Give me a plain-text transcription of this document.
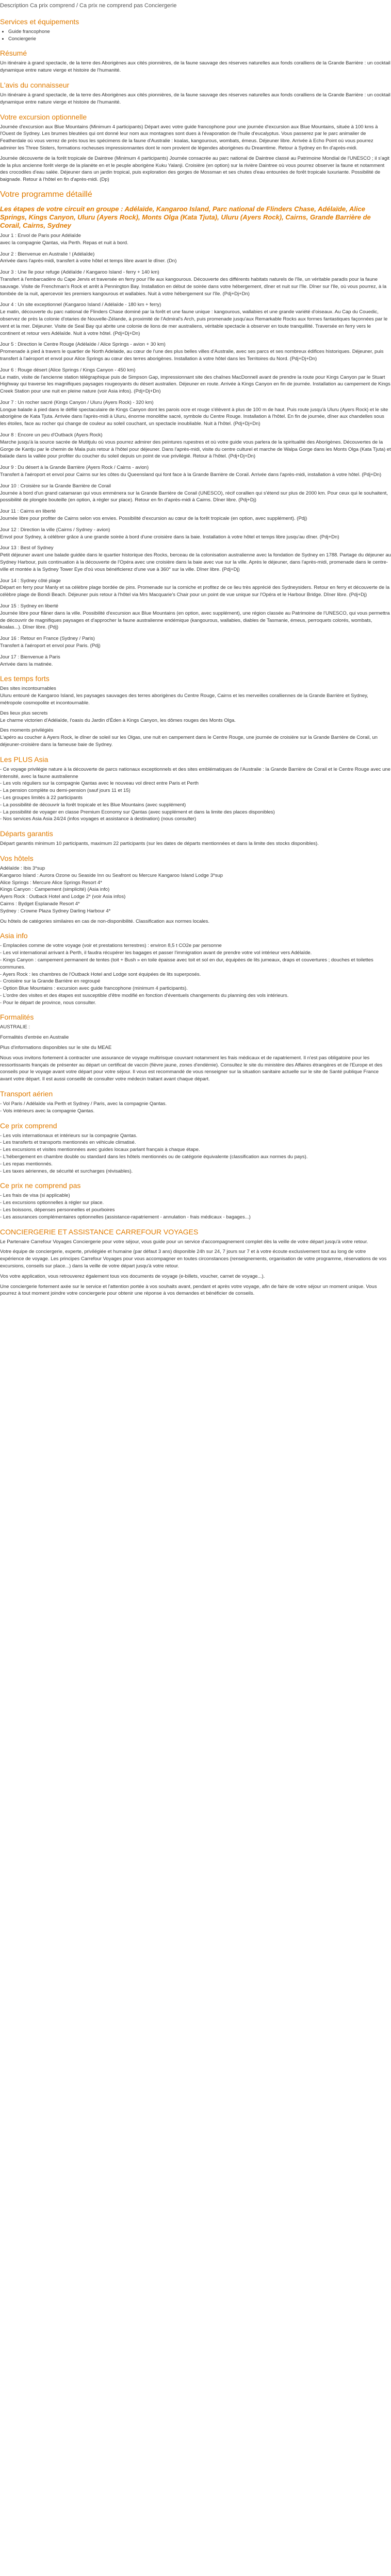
Description Ca prix comprend / Ca prix ne comprend pas Conciergerie
Services et équipements
• Guide francophone
• Conciergerie
Résumé

Un itinéraire à grand spectacle, de la terre des Aborigènes aux cités pionnières, de la faune sauvage des réserves naturelles aux fonds coralliens de la Grande Barrière : un cocktail dynamique entre nature vierge et histoire de l'humanité.

L'avis du connaisseur

Un itinéraire à grand spectacle, de la terre des Aborigènes aux cités pionnières, de la faune sauvage des réserves naturelles aux fonds coralliens de la Grande Barrière : un cocktail dynamique entre nature vierge et histoire de l'humanité.

Votre excursion optionnelle

Journée d'excursion aux Blue Mountains (Minimum 4 participants) Départ avec votre guide francophone pour une journée d'excursion aux Blue Mountains, située à 100 kms à l'Ouest de Sydney. Les brumes bleutées qui ont donné leur nom aux montagnes sont dues à l'évaporation de l'huile d'eucalyptus. Vous passerez par le parc animalier de Featherdale où vous verrez de près tous les spécimens de la faune d'Australie : koalas, kangourous, wombats, émeus. Déjeuner libre. Arrivée à Echo Point où vous pourrez admirer les Three Sisters, formations rocheuses impressionnantes dont le nom provient de légendes aborigènes du Dreamtime. Retour à Sydney en fin d'après-midi.

Journée découverte de la forêt tropicale de Daintree (Minimum 4 participants) Journée consacrée au parc national de Daintree classé au Patrimoine Mondial de l'UNESCO ; il s'agit de la plus ancienne forêt vierge de la planète en et le peuple aborigène Kuku Yalanji. Croisière (en option) sur la rivière Daintree où vous pourrez observer la faune et notamment des crocodiles d'eau salée. Déjeuner dans un jardin tropical, puis exploration des gorges de Mossman et ses chutes d'eau entourées de forêt tropicale luxuriante. Possibilité de baignade. Retour à l'hôtel en fin d'après-midi. (Dp)

Votre programme détaillé
Les étapes de votre circuit en groupe : Adélaïde, Kangaroo Island, Parc national de Flinders Chase, Adélaïde, Alice Springs, Kings Canyon, Uluru (Ayers Rock), Monts Olga (Kata Tjuta), Uluru (Ayers Rock), Cairns, Grande Barrière de Corail, Cairns, Sydney
Jour 1 : Envol de Paris pour Adélaïde
avec la compagnie Qantas, via Perth. Repas et nuit à bord.
Jour 2 : Bienvenue en Australie ! (Adélaïde)
Arrivée dans l'après-midi, transfert à votre hôtel et temps libre avant le dîner. (Dn)
Jour 3 : Une île pour refuge (Adélaïde / Kangaroo Island - ferry + 140 km)
Transfert à l'embarcadère du Cape Jervis et traversée en ferry pour l'île aux kangourous. Découverte des différents habitats naturels de l'île, un véritable paradis pour la faune sauvage. Visite de Frenchman's Rock et arrêt à Pennington Bay. Installation en début de soirée dans votre hébergement, dîner et nuit sur l'île. Dîner sur l'île, où vous pourrez, à la tombée de la nuit, apercevoir les premiers kangourous et wallabies. Nuit à votre hébergement sur l'île. (Pdj+Dj+Dn)
Jour 4 : Un site exceptionnel (Kangaroo Island / Adélaïde - 180 km + ferry)
Le matin, découverte du parc national de Flinders Chase dominé par la forêt et une faune unique : kangourous, wallabies et une grande variété d'oiseaux. Au Cap du Couedic, observez de près la colonie d'otaries de Nouvelle-Zélande, à proximité de l'Admiral's Arch, puis promenade jusqu'aux Remarkable Rocks aux formes fantastiques façonnées par le vent et la mer. Déjeuner. Visite de Seal Bay qui abrite une colonie de lions de mer australiens, véritable spectacle à observer en toute tranquillité. Traversée en ferry vers le continent et retour vers Adélaïde. Nuit à votre hôtel. (Pdj+Dj+Dn)
Jour 5 : Direction le Centre Rouge (Adélaïde / Alice Springs - avion + 30 km)
Promenade à pied à travers le quartier de North Adelaide, au cœur de l'une des plus belles villes d'Australie, avec ses parcs et ses nombreux édifices historiques. Déjeuner, puis transfert à l'aéroport et envol pour Alice Springs au cœur des terres aborigènes. Installation à votre hôtel dans les Territoires du Nord. (Pdj+Dj+Dn)
Jour 6 : Rouge désert (Alice Springs / Kings Canyon - 450 km)
Le matin, visite de l'ancienne station télégraphique puis de Simpson Gap, impressionnant site des chaînes MacDonnell avant de prendre la route pour Kings Canyon par le Stuart Highway qui traverse les magnifiques paysages rougeoyants du désert australien. Déjeuner en route. Arrivée à Kings Canyon en fin de journée. Installation au campement de Kings Creek Station pour une nuit en pleine nature (voir Asia infos). (Pdj+Dj+Dn)
Jour 7 : Un rocher sacré (Kings Canyon / Uluru (Ayers Rock) - 320 km)
Longue balade à pied dans le défilé spectaculaire de Kings Canyon dont les parois ocre et rouge s'élèvent à plus de 100 m de haut. Puis route jusqu'à Uluru (Ayers Rock) et le site aborigène de Kata Tjuta. Arrivée dans l'après-midi à Uluru, énorme monolithe sacré, symbole du Centre Rouge. Installation à l'hôtel. En fin de journée, dîner aux chandelles sous les étoiles, face au rocher qui change de couleur au soleil couchant, un spectacle inoubliable. Nuit à l'hôtel. (Pdj+Dj+Dn)
Jour 8 : Encore un peu d'Outback (Ayers Rock)
Marche jusqu'à la source sacrée de Mutitjulu où vous pourrez admirer des peintures rupestres et où votre guide vous parlera de la spiritualité des Aborigènes. Découvertes de la Gorge de Kantju par le chemin de Mala puis retour à l'hôtel pour déjeuner. Dans l'après-midi, visite du centre culturel et marche de Walpa Gorge dans les Monts Olga (Kata Tjuta) et balade dans la vallée pour profiter du coucher du soleil depuis un point de vue privilégié. Retour à l'hôtel. (Pdj+Dj+Dn)
Jour 9 : Du désert à la Grande Barrière (Ayers Rock / Cairns - avion)
Transfert à l'aéroport et envol pour Cairns sur les côtes du Queensland qui font face à la Grande Barrière de Corail. Arrivée dans l'après-midi, installation à votre hôtel. (Pdj+Dn)
Jour 10 : Croisière sur la Grande Barrière de Corail
Journée à bord d'un grand catamaran qui vous emmènera sur la Grande Barrière de Corail (UNESCO), récif corallien qui s'étend sur plus de 2000 km. Pour ceux qui le souhaitent, possibilité de plongée bouteille (en option, à régler sur place). Retour en fin d'après-midi à Cairns. Dîner libre. (Pdj+Dj)
Jour 11 : Cairns en liberté
Journée libre pour profiter de Cairns selon vos envies. Possibilité d'excursion au cœur de la forêt tropicale (en option, avec supplément). (Pdj)
Jour 12 : Direction la ville (Cairns / Sydney - avion)
Envol pour Sydney, à célébrer grâce à une grande soirée à bord d'une croisière dans la baie. Installation à votre hôtel et temps libre jusqu'au dîner. (Pdj+Dn)
Jour 13 : Best of Sydney
Petit déjeuner avant une balade guidée dans le quartier historique des Rocks, berceau de la colonisation australienne avec la fondation de Sydney en 1788. Partage du déjeuner au Sydney Harbour, puis continuation à la découverte de l'Opéra avec une croisière dans la baie avec vue sur la ville. Après le déjeuner, dans l'après-midi, promenade dans le centre-ville et montée à la Sydney Tower Eye d'où vous bénéficierez d'une vue à 360° sur la ville. Dîner libre. (Pdj+Dj)
Jour 14 : Sydney côté plage
Départ en ferry pour Manly et sa célèbre plage bordée de pins. Promenade sur la corniche et profitez de ce lieu très apprécié des Sydneysiders. Retour en ferry et découverte de la célèbre plage de Bondi Beach. Déjeuner puis retour à l'hôtel via Mrs Macquarie's Chair pour un point de vue unique sur l'Opéra et le Harbour Bridge. Dîner libre. (Pdj+Dj)
Jour 15 : Sydney en liberté
Journée libre pour flâner dans la ville. Possibilité d'excursion aux Blue Mountains (en option, avec supplément), une région classée au Patrimoine de l'UNESCO, qui vous permettra de découvrir de magnifiques paysages et d'approcher la faune australienne endémique (kangourous, wallabies, diables de Tasmanie, émeus, perroquets colorés, wombats, koalas...). Dîner libre. (Pdj)
Jour 16 : Retour en France (Sydney / Paris)
Transfert à l'aéroport et envol pour Paris. (Pdj)
Jour 17 : Bienvenue à Paris
Arrivée dans la matinée.
Les temps forts
Des sites incontournables

Uluru entouré de Kangaroo Island, les paysages sauvages des terres aborigènes du Centre Rouge, Cairns et les merveilles coralliennes de la Grande Barrière et Sydney, métropole cosmopolite et incontournable.

Des lieux plus secrets

Le charme victorien d'Adélaïde, l'oasis du Jardin d'Éden à Kings Canyon, les dômes rouges des Monts Olga.

Des moments privilégiés

L'apéro au coucher à Ayers Rock, le dîner de soleil sur les Olgas, une nuit en campement dans le Centre Rouge, une journée de croisière sur la Grande Barrière de Corail, un déjeuner-croisière dans la fameuse baie de Sydney.

Les PLUS Asia
- Ce voyage privilégie nature à la découverte de parcs nationaux exceptionnels et des sites emblématiques de l'Australie : la Grande Barrière de Corail et le Centre Rouge avec une intensité, avec la faune australienne
- Les vols réguliers sur la compagnie Qantas avec le nouveau vol direct entre Paris et Perth
- La pension complète ou demi-pension (sauf jours 11 et 15)
- Les groupes limités à 22 participants
- La possibilité de découvrir la forêt tropicale et les Blue Mountains (avec supplément)
- La possibilité de voyager en classe Premium Economy sur Qantas (avec supplément et dans la limite des places disponibles)
- Nos services Asia Asia 24/24 (infos voyages et assistance à destination) (nous consulter)
Départs garantis

Départ garantis minimum 10 participants, maximum 22 participants (sur les dates de départs mentionnées et dans la limite des stocks disponibles).

Vos hôtels
Adélaïde : Ibis 3*sup
Kangaroo Island : Aurora Ozone ou Seaside Inn ou Seafront ou Mercure Kangaroo Island Lodge 3*sup
Alice Springs : Mercure Alice Springs Resort 4*
Kings Canyon : Campement (simplicité) (Asia info)
Ayers Rock : Outback Hotel and Lodge 2* (voir Asia infos)
Cairns : Bydget Esplanade Resort 4*
Sydney : Crowne Plaza Sydney Darling Harbour 4*
Ou hôtels de catégories similaires en cas de non-disponibilité. Classification aux normes locales.
Asia info
- Emplacées comme de votre voyage (voir et prestations terrestres) : environ 8,5 t CO2e par personne
- Les vol international arrivant à Perth, il faudra récupérer les bagages et passer l'immigration avant de prendre votre vol intérieur vers Adélaïde.
- Kings Canyon : campement permanent de tentes (toit + Bush » en toile épaisse avec toit et sol en dur, équipées de lits jumeaux, draps et couvertures ; douches et toilettes communes.
- Ayers Rock : les chambres de l'Outback Hotel and Lodge sont équipées de lits superposés.
- Croisière sur la Grande Barrière en regroupé
- Option Blue Mountains : excursion avec guide francophone (minimum 4 participants).
- L'ordre des visites et des étapes est susceptible d'être modifié en fonction d'éventuels changements du planning des vols intérieurs.
- Pour le départ de province, nous consulter.
Formalités

AUSTRALIE :

Formalités d'entrée en Australie

Plus d'informations disponibles sur le site du MEAE

Nous vous invitons fortement à contracter une assurance de voyage multirisque couvrant notamment les frais médicaux et de rapatriement. Il n'est pas obligatoire pour les ressortissants français de présenter au départ un certificat de vaccin (fièvre jaune, zones d'endémie). Consultez le site du ministère des Affaires étrangères et de l'Europe et des conseils pour le voyage avant votre départ pour votre séjour. Il vous est recommandé de vous renseigner sur la situation sanitaire actuelle sur le site de Santé publique France avant votre départ. Il est aussi conseillé de consulter votre médecin traitant avant chaque départ.

Transport aérien
- Vol Paris / Adélaïde via Perth et Sydney / Paris, avec la compagnie Qantas.
- Vols intérieurs avec la compagnie Qantas.
Ce prix comprend
- Les vols internationaux et intérieurs sur la compagnie Qantas.
- Les transferts et transports mentionnés en véhicule climatisé.
- Les excursions et visites mentionnées avec guides locaux parlant français à chaque étape.
- L'hébergement en chambre double ou standard dans les hôtels mentionnés ou de catégorie équivalente (classification aux normes du pays).
- Les repas mentionnés.
- Les taxes aériennes, de sécurité et surcharges (révisables).
Ce prix ne comprend pas
- Les frais de visa (si applicable)
- Les excursions optionnelles à régler sur place.
- Les boissons, dépenses personnelles et pourboires
- Les assurances complémentaires optionnelles (assistance-rapatriement - annulation - frais médicaux - bagages...)
CONCIERGERIE ET ASSISTANCE CARREFOUR VOYAGES

Le Partenaire Carrefour Voyages Conciergerie pour votre séjour, vous guide pour un service d'accompagnement complet dès la veille de votre départ jusqu'à votre retour.

Votre équipe de conciergerie, experte, privilégiée et humaine (par défaut 3 ans) disponible 24h sur 24, 7 jours sur 7 et à votre écoute exclusivement tout au long de votre expérience de voyage. Les principes Carrefour Voyages pour vous accompagner en toutes circonstances (renseignements, organisation de votre programme, réservations de vos excursions, conseils sur place...) dans la veille de votre départ jusqu'à votre retour.

Vos votre application, vous retrouverez également tous vos documents de voyage (e-billets, voucher, carnet de voyage...).

Une conciergerie fortement axée sur le service et l'attention portée à vos souhaits avant, pendant et après votre voyage, afin de faire de votre séjour un moment unique. Vous pourrez à tout moment joindre votre conciergerie pour obtenir une réponse à vos demandes et bénéficier de conseils.
